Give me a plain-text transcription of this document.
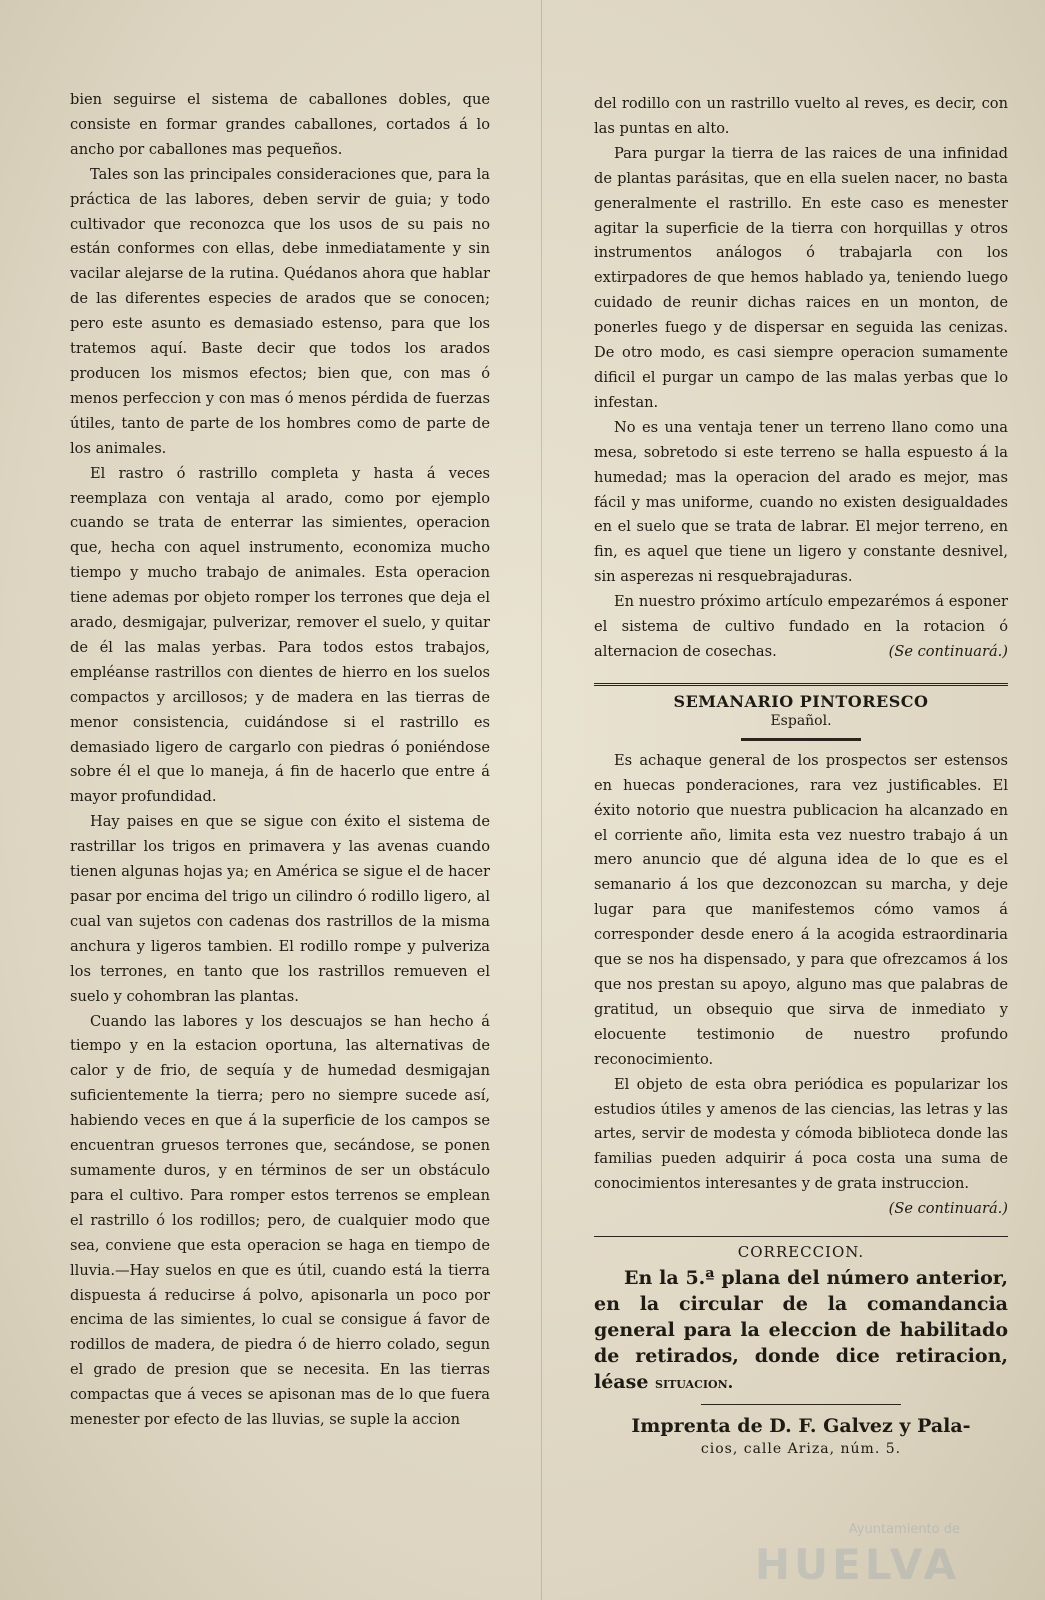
bien seguirse el sistema de caballones dobles, que consiste en formar grandes caballones, cortados á lo ancho por caballones mas pequeños.

Tales son las principales consideraciones que, para la práctica de las labores, deben servir de guia; y todo cultivador que reconozca que los usos de su pais no están conformes con ellas, debe inmediatamente y sin vacilar alejarse de la rutina. Quédanos ahora que hablar de las diferentes especies de arados que se conocen; pero este asunto es demasiado estenso, para que los tratemos aquí. Baste decir que todos los arados producen los mismos efectos; bien que, con mas ó menos perfeccion y con mas ó menos pérdida de fuerzas útiles, tanto de parte de los hombres como de parte de los animales.

El rastro ó rastrillo completa y hasta á veces reemplaza con ventaja al arado, como por ejemplo cuando se trata de enterrar las simientes, operacion que, hecha con aquel instrumento, economiza mucho tiempo y mucho trabajo de animales. Esta operacion tiene ademas por objeto romper los terrones que deja el arado, desmigajar, pulverizar, remover el suelo, y quitar de él las malas yerbas. Para todos estos trabajos, empléanse rastrillos con dientes de hierro en los suelos compactos y arcillosos; y de madera en las tierras de menor consistencia, cuidándose si el rastrillo es demasiado ligero de cargarlo con piedras ó poniéndose sobre él el que lo maneja, á fin de hacerlo que entre á mayor profundidad.

Hay paises en que se sigue con éxito el sistema de rastrillar los trigos en primavera y las avenas cuando tienen algunas hojas ya; en América se sigue el de hacer pasar por encima del trigo un cilindro ó rodillo ligero, al cual van sujetos con cadenas dos rastrillos de la misma anchura y ligeros tambien. El rodillo rompe y pulveriza los terrones, en tanto que los rastrillos remueven el suelo y cohombran las plantas.

Cuando las labores y los descuajos se han hecho á tiempo y en la estacion oportuna, las alternativas de calor y de frio, de sequía y de humedad desmigajan suficientemente la tierra; pero no siempre sucede así, habiendo veces en que á la superficie de los campos se encuentran gruesos terrones que, secándose, se ponen sumamente duros, y en términos de ser un obstáculo para el cultivo. Para romper estos terrenos se emplean el rastrillo ó los rodillos; pero, de cualquier modo que sea, conviene que esta operacion se haga en tiempo de lluvia.—Hay suelos en que es útil, cuando está la tierra dispuesta á reducirse á polvo, apisonarla un poco por encima de las simientes, lo cual se consigue á favor de rodillos de madera, de piedra ó de hierro colado, segun el grado de presion que se necesita. En las tierras compactas que á veces se apisonan mas de lo que fuera menester por efecto de las lluvias, se suple la accion

del rodillo con un rastrillo vuelto al reves, es decir, con las puntas en alto.

Para purgar la tierra de las raices de una infinidad de plantas parásitas, que en ella suelen nacer, no basta generalmente el rastrillo. En este caso es menester agitar la superficie de la tierra con horquillas y otros instrumentos análogos ó trabajarla con los extirpadores de que hemos hablado ya, teniendo luego cuidado de reunir dichas raices en un monton, de ponerles fuego y de dispersar en seguida las cenizas. De otro modo, es casi siempre operacion sumamente dificil el purgar un campo de las malas yerbas que lo infestan.

No es una ventaja tener un terreno llano como una mesa, sobretodo si este terreno se halla espuesto á la humedad; mas la operacion del arado es mejor, mas fácil y mas uniforme, cuando no existen desigualdades en el suelo que se trata de labrar. El mejor terreno, en fin, es aquel que tiene un ligero y constante desnivel, sin asperezas ni resquebrajaduras.

En nuestro próximo artículo empezarémos á esponer el sistema de cultivo fundado en la rotacion ó alternacion de cosechas.	(Se continuará.)

SEMANARIO PINTORESCO
Español.

Es achaque general de los prospectos ser estensos en huecas ponderaciones, rara vez justificables. El éxito notorio que nuestra publicacion ha alcanzado en el corriente año, limita esta vez nuestro trabajo á un mero anuncio que dé alguna idea de lo que es el semanario á los que dezconozcan su marcha, y deje lugar para que manifestemos cómo vamos á corresponder desde enero á la acogida estraordinaria que se nos ha dispensado, y para que ofrezcamos á los que nos prestan su apoyo, alguno mas que palabras de gratitud, un obsequio que sirva de inmediato y elocuente testimonio de nuestro profundo reconocimiento.

El objeto de esta obra periódica es popularizar los estudios útiles y amenos de las ciencias, las letras y las artes, servir de modesta y cómoda biblioteca donde las familias pueden adquirir á poca costa una suma de conocimientos interesantes y de grata instruccion.
(Se continuará.)

CORRECCION.
En la 5.ª plana del número anterior, en la circular de la comandancia general para la eleccion de habilitado de retirados, donde dice retiracion, léase situacion.
Imprenta de D. F. Galvez y Pala-
cios, calle Ariza, núm. 5.
Ayuntamiento de
HUELVA
